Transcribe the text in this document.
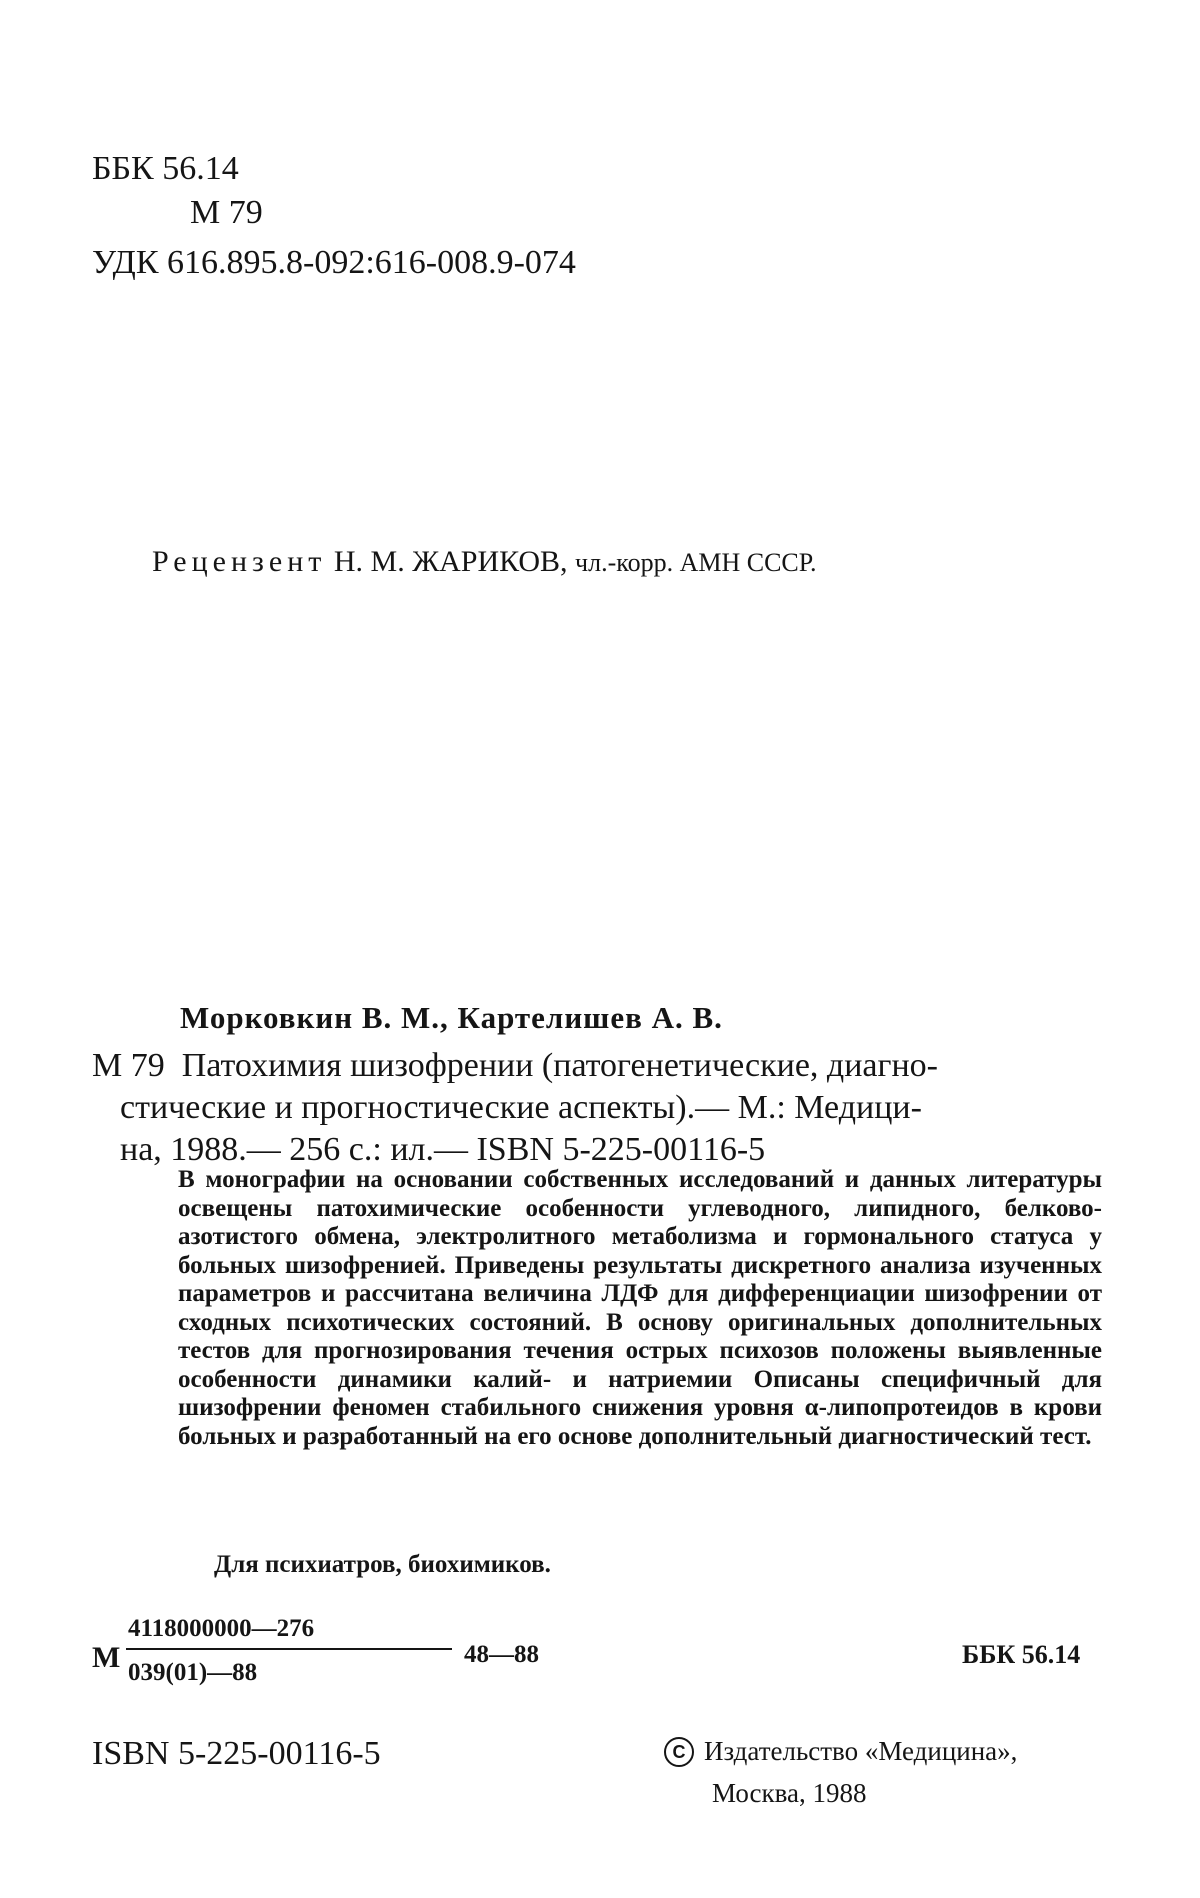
ББК 56.14
М 79
УДК 616.895.8-092:616-008.9-074
Рецензент Н. М. ЖАРИКОВ, чл.-корр. АМН СССР.
Морковкин В. М., Картелишев А. В.
М 79 Патохимия шизофрении (патогенетические, диагно-
стические и прогностические аспекты).— М.: Медици-
на, 1988.— 256 с.: ил.— ISBN 5-225-00116-5
В монографии на основании собственных исследований и данных литературы освещены патохимические особенности углеводного, липидного, белково-азотистого обмена, электролитного метаболизма и гормонального статуса у больных шизофренией. Приведены результаты дискретного анализа изученных параметров и рассчитана величина ЛДФ для дифференциации шизофрении от сходных психотических состояний. В основу оригинальных дополнительных тестов для прогнозирования течения острых психозов положены выявленные особенности динамики калий- и натриемии Описаны специфичный для шизофрении феномен стабильного снижения уровня α-липопротеидов в крови больных и разработанный на его основе дополнительный диагностический тест.
Для психиатров, биохимиков.
М
4118000000—276
039(01)—88
48—88	ББК 56.14
ISBN 5-225-00116-5	С Издательство «Медицина»,
Москва, 1988
